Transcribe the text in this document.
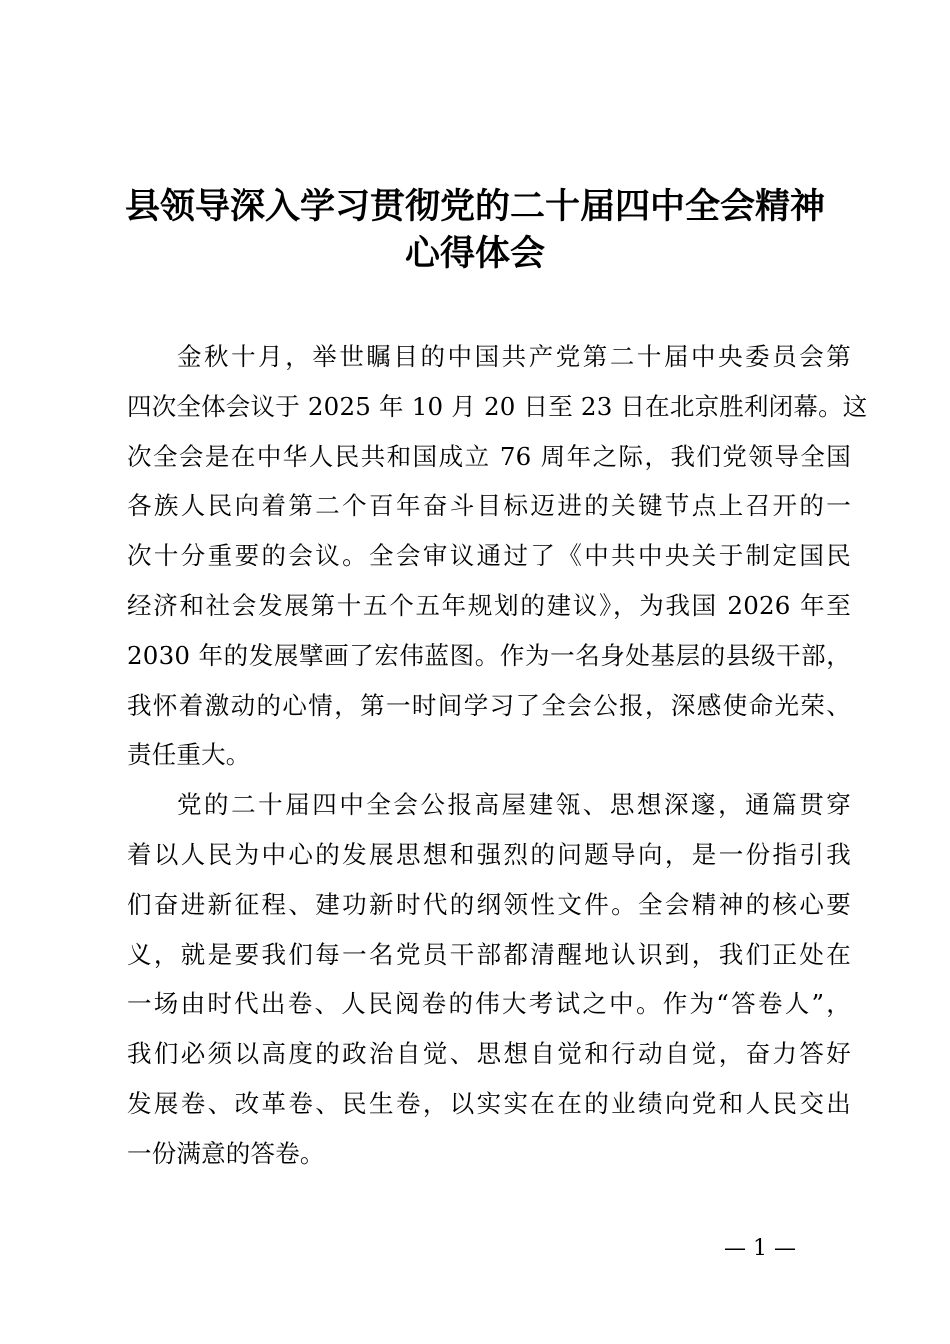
县领导深入学习贯彻党的二十届四中全会精神
心得体会
金秋十月，举世瞩目的中国共产党第二十届中央委员会第
四次全体会议于 2025 年 10 月 20 日至 23 日在北京胜利闭幕。这
次全会是在中华人民共和国成立 76 周年之际，我们党领导全国
各族人民向着第二个百年奋斗目标迈进的关键节点上召开的一
次十分重要的会议。全会审议通过了《中共中央关于制定国民
经济和社会发展第十五个五年规划的建议》，为我国 2026 年至
2030 年的发展擘画了宏伟蓝图。作为一名身处基层的县级干部，
我怀着激动的心情，第一时间学习了全会公报，深感使命光荣、
责任重大。
党的二十届四中全会公报高屋建瓴、思想深邃，通篇贯穿
着以人民为中心的发展思想和强烈的问题导向，是一份指引我
们奋进新征程、建功新时代的纲领性文件。全会精神的核心要
义，就是要我们每一名党员干部都清醒地认识到，我们正处在
一场由时代出卷、人民阅卷的伟大考试之中。作为“答卷人”，
我们必须以高度的政治自觉、思想自觉和行动自觉，奋力答好
发展卷、改革卷、民生卷，以实实在在的业绩向党和人民交出
一份满意的答卷。
— 1 —
